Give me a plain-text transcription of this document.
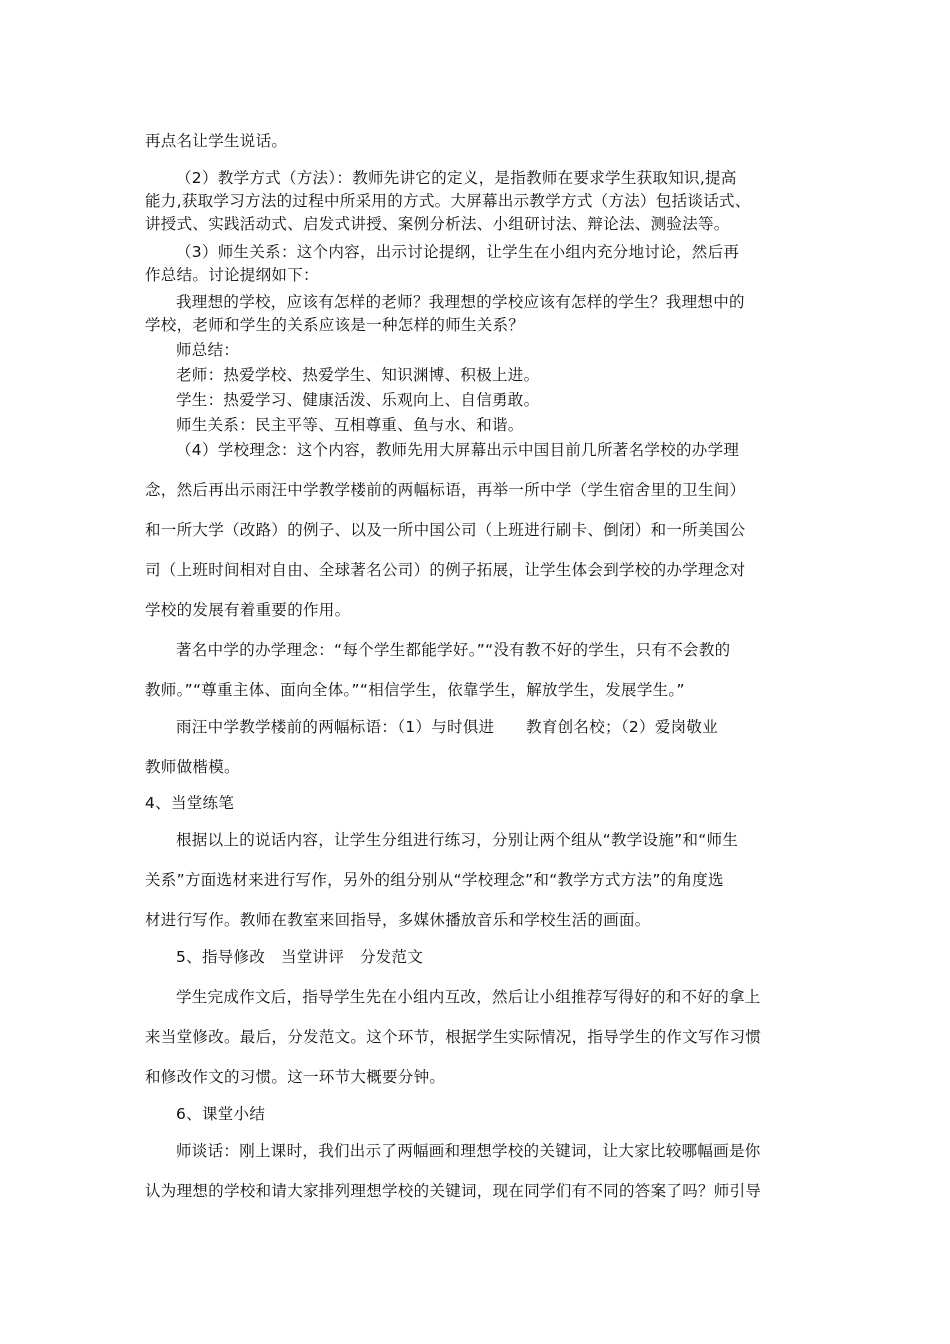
再点名让学生说话。

（2）教学方式（方法）：教师先讲它的定义，是指教师在要求学生获取知识,提高

能力,获取学习方法的过程中所采用的方式。大屏幕出示教学方式（方法）包括谈话式、

讲授式、实践活动式、启发式讲授、案例分析法、小组研讨法、辩论法、测验法等。

（3）师生关系：这个内容，出示讨论提纲，让学生在小组内充分地讨论，然后再

作总结。讨论提纲如下：

我理想的学校，应该有怎样的老师？我理想的学校应该有怎样的学生？我理想中的

学校，老师和学生的关系应该是一种怎样的师生关系？

师总结：

老师：热爱学校、热爱学生、知识渊博、积极上进。

学生：热爱学习、健康活泼、乐观向上、自信勇敢。

师生关系：民主平等、互相尊重、鱼与水、和谐。

（4）学校理念：这个内容，教师先用大屏幕出示中国目前几所著名学校的办学理

念，然后再出示雨汪中学教学楼前的两幅标语，再举一所中学（学生宿舍里的卫生间）

和一所大学（改路）的例子、以及一所中国公司（上班进行刷卡、倒闭）和一所美国公

司（上班时间相对自由、全球著名公司）的例子拓展，让学生体会到学校的办学理念对

学校的发展有着重要的作用。

著名中学的办学理念：“每个学生都能学好。”“没有教不好的学生，只有不会教的

教师。”“尊重主体、面向全体。”“相信学生，依靠学生，解放学生，发展学生。”

雨汪中学教学楼前的两幅标语：（1）与时俱进　　教育创名校；（2）爱岗敬业

教师做楷模。

4、当堂练笔

根据以上的说话内容，让学生分组进行练习，分别让两个组从“教学设施”和“师生

关系”方面选材来进行写作，另外的组分别从“学校理念”和“教学方式方法”的角度选

材进行写作。教师在教室来回指导，多媒休播放音乐和学校生活的画面。

5、指导修改　当堂讲评　分发范文

学生完成作文后，指导学生先在小组内互改，然后让小组推荐写得好的和不好的拿上

来当堂修改。最后，分发范文。这个环节，根据学生实际情况，指导学生的作文写作习惯

和修改作文的习惯。这一环节大概要分钟。

6、课堂小结

师谈话：刚上课时，我们出示了两幅画和理想学校的关键词，让大家比较哪幅画是你

认为理想的学校和请大家排列理想学校的关键词，现在同学们有不同的答案了吗？师引导
